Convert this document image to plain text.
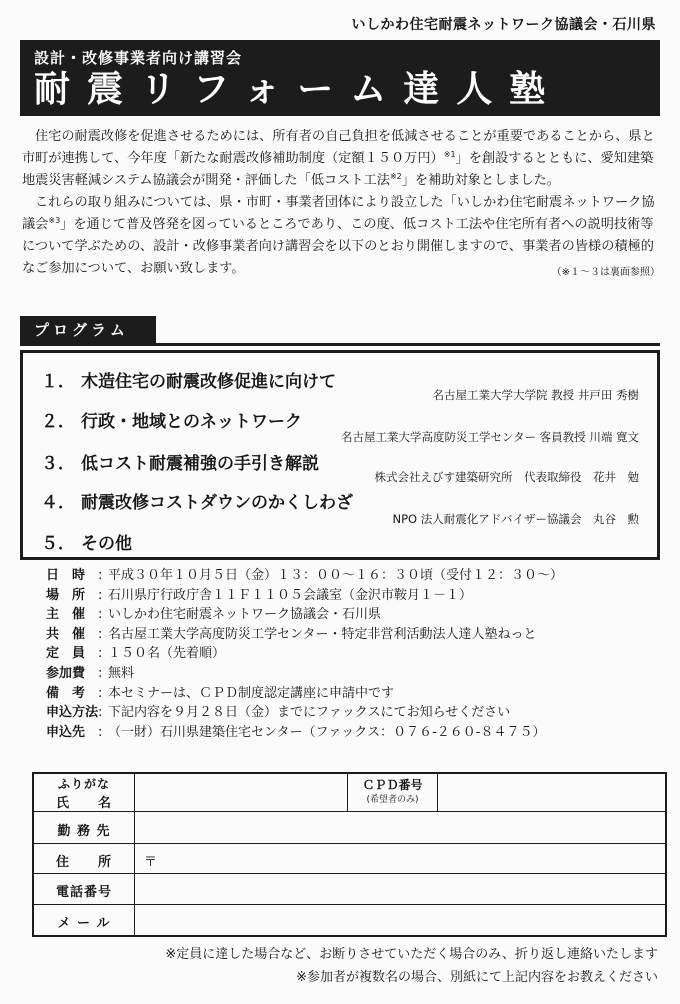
いしかわ住宅耐震ネットワーク協議会・石川県
設計・改修事業者向け講習会
耐震リフォーム達人塾

住宅の耐震改修を促進させるためには、所有者の自己負担を低減させることが重要であることから、県と市町が連携して、今年度「新たな耐震改修補助制度（定額１５０万円）$^{※1}$」を創設するとともに、愛知建築地震災害軽減システム協議会が開発・評価した「低コスト工法$^{※2}$」を補助対象としました。

これらの取り組みについては、県・市町・事業者団体により設立した「いしかわ住宅耐震ネットワーク協議会$^{※3}$」を通じて普及啓発を図っているところであり、この度、低コスト工法や住宅所有者への説明技術等について学ぶための、設計・改修事業者向け講習会を以下のとおり開催しますので、事業者の皆様の積極的なご参加について、お願い致します。	（※１～３は裏面参照）

プログラム
１． 木造住宅の耐震改修促進に向けて
名古屋工業大学大学院 教授 井戸田 秀樹
２． 行政・地域とのネットワーク
名古屋工業大学高度防災工学センター 客員教授 川端 寛文
３． 低コスト耐震補強の手引き解説
株式会社えびす建築研究所　代表取締役　花井　勉
４． 耐震改修コストダウンのかくしわざ
NPO 法人耐震化アドバイザー協議会　丸谷　勲
５． その他
日　時 : 平成３０年１０月５日（金）１３：００～１６：３０頃（受付１２：３０～）
場　所 : 石川県庁行政庁舎１１Ｆ１１０５会議室（金沢市鞍月１－１）
主　催 : いしかわ住宅耐震ネットワーク協議会・石川県
共　催 : 名古屋工業大学高度防災工学センター・特定非営利活動法人達人塾ねっと
定　員 : １５０名（先着順）
参加費 : 無料
備　考 : 本セミナーは、ＣＰＤ制度認定講座に申請中です
申込方法: 下記内容を９月２８日（金）までにファックスにてお知らせください
申込先 : （一財）石川県建築住宅センター（ファックス：０７６-２６０-８４７５）
ふりがな
氏　　名
ＣＰＤ番号
(希望者のみ)
勤 務 先
住　　所	〒
電話番号
メ ー ル
※定員に達した場合など、お断りさせていただく場合のみ、折り返し連絡いたします
※参加者が複数名の場合、別紙にて上記内容をお教えください
